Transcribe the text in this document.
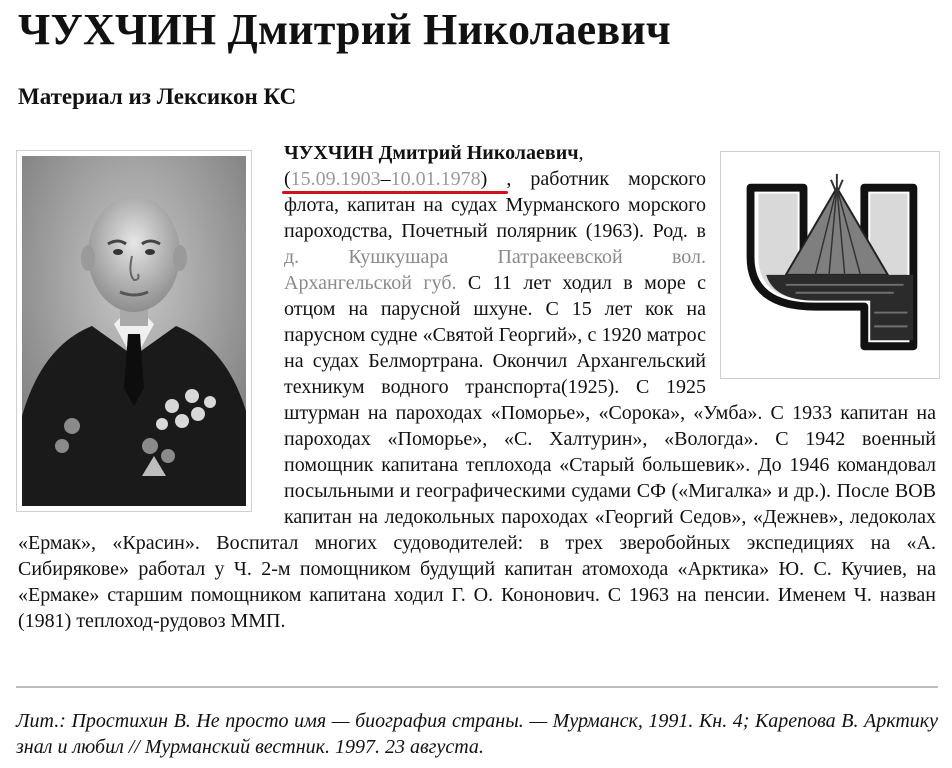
ЧУХЧИН Дмитрий Николаевич
Материал из Лексикон КС
ЧУХЧИН Дмитрий Николаевич,
(15.09.1903–10.01.1978) , работник морского флота, капитан на судах Мурманского морского пароходства, Почетный полярник (1963). Род. в д. Кушкушара Патракеевской вол. Архангельской губ. С 11 лет ходил в море с отцом на парусной шхуне. С 15 лет кок на парусном судне «Святой Георгий», с 1920 матрос на судах Белмортрана. Окончил Архангельский техникум водного транспорта(1925). С 1925 штурман на пароходах «Поморье», «Сорока», «Умба». С 1933 капитан на пароходах «Поморье», «С. Халтурин», «Вологда». С 1942 военный помощник капитана теплохода «Старый большевик». До 1946 командовал посыльными и географическими судами СФ («Мигалка» и др.). После ВОВ капитан на ледокольных пароходах «Георгий Седов», «Дежнев», ледоколах «Ермак», «Красин». Воспитал многих судоводителей: в трех зверобойных экспедициях на «А. Сибирякове» работал у Ч. 2-м помощником будущий капитан атомохода «Арктика» Ю. С. Кучиев, на «Ермаке» старшим помощником капитана ходил Г. О. Кононович. С 1963 на пенсии. Именем Ч. назван (1981) теплоход-рудовоз ММП.

Лит.: Простихин В. Не просто имя — биография страны. — Мурманск, 1991. Кн. 4; Карепова В. Арктику знал и любил // Мурманский вестник. 1997. 23 августа.
